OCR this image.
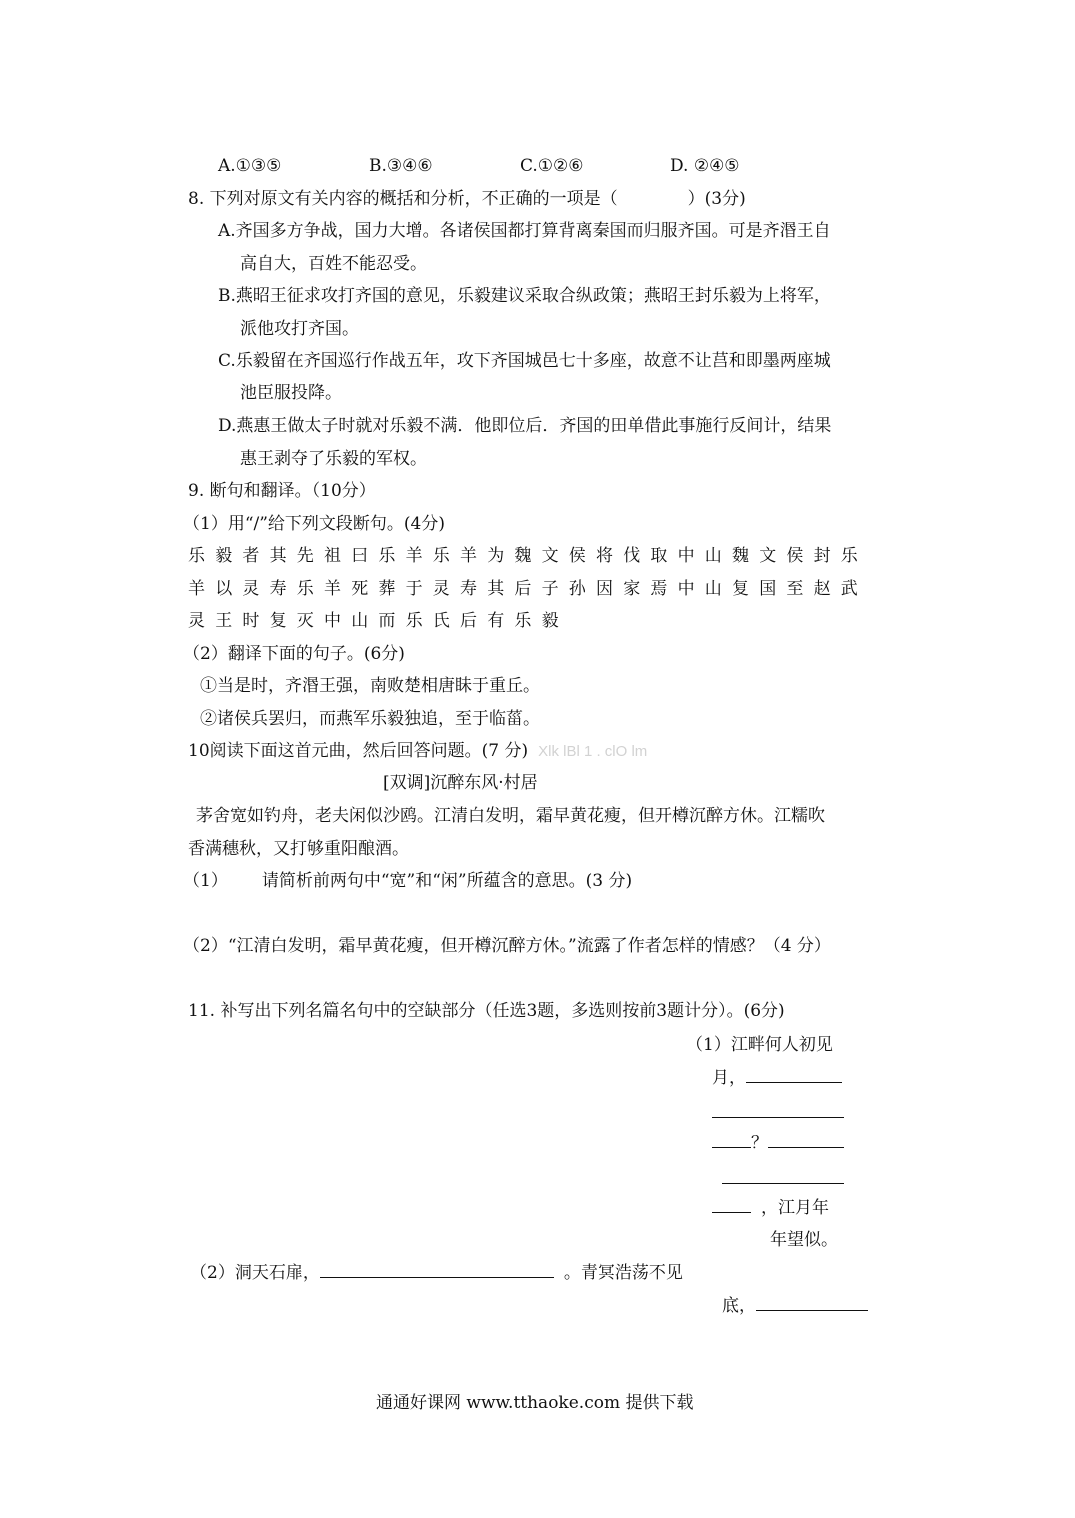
A.①③⑤	B.③④⑥	C.①②⑥	D. ②④⑤
8. 下列对原文有关内容的概括和分析，不正确的一项是（	）(3分)
A.齐国多方争战，国力大增。各诸侯国都打算背离秦国而归服齐国。可是齐湣王自
高自大，百姓不能忍受。
B.燕昭王征求攻打齐国的意见，乐毅建议采取合纵政策；燕昭王封乐毅为上将军，
派他攻打齐国。
C.乐毅留在齐国巡行作战五年，攻下齐国城邑七十多座，故意不让莒和即墨两座城
池臣服投降。
D.燕惠王做太子时就对乐毅不满．他即位后．齐国的田单借此事施行反间计，结果
惠王剥夺了乐毅的军权。
9. 断句和翻译。（10分）
（1）用“/”给下列文段断句。(4分)
乐毅者其先祖曰乐羊乐羊为魏文侯将伐取中山魏文侯封乐
羊以灵寿乐羊死葬于灵寿其后子孙因家焉中山复国至赵武
灵王时复灭中山而乐氏后有乐毅
（2）翻译下面的句子。(6分)
①当是时，齐湣王强，南败楚相唐眛于重丘。
②诸侯兵罢归，而燕军乐毅独追，至于临菑。
10阅读下面这首元曲，然后回答问题。(7 分) Xlk lBl 1 . clO lm
[双调]沉醉东风·村居
茅舍宽如钓舟，老夫闲似沙鸥。江清白发明，霜早黄花瘦，但开樽沉醉方休。江糯吹
香满穗秋，又打够重阳酿酒。
（1） 请简析前两句中“宽”和“闲”所蕴含的意思。(3 分)
（2）“江清白发明，霜早黄花瘦，但开樽沉醉方休。”流露了作者怎样的情感？（4 分）
11. 补写出下列名篇名句中的空缺部分（任选3题，多选则按前3题计分）。(6分)
（1）江畔何人初见
月，
？
，江月年
年望似。
（2）洞天石扉，	。青冥浩荡不见
底，
通通好课网 www.tthaoke.com 提供下载
